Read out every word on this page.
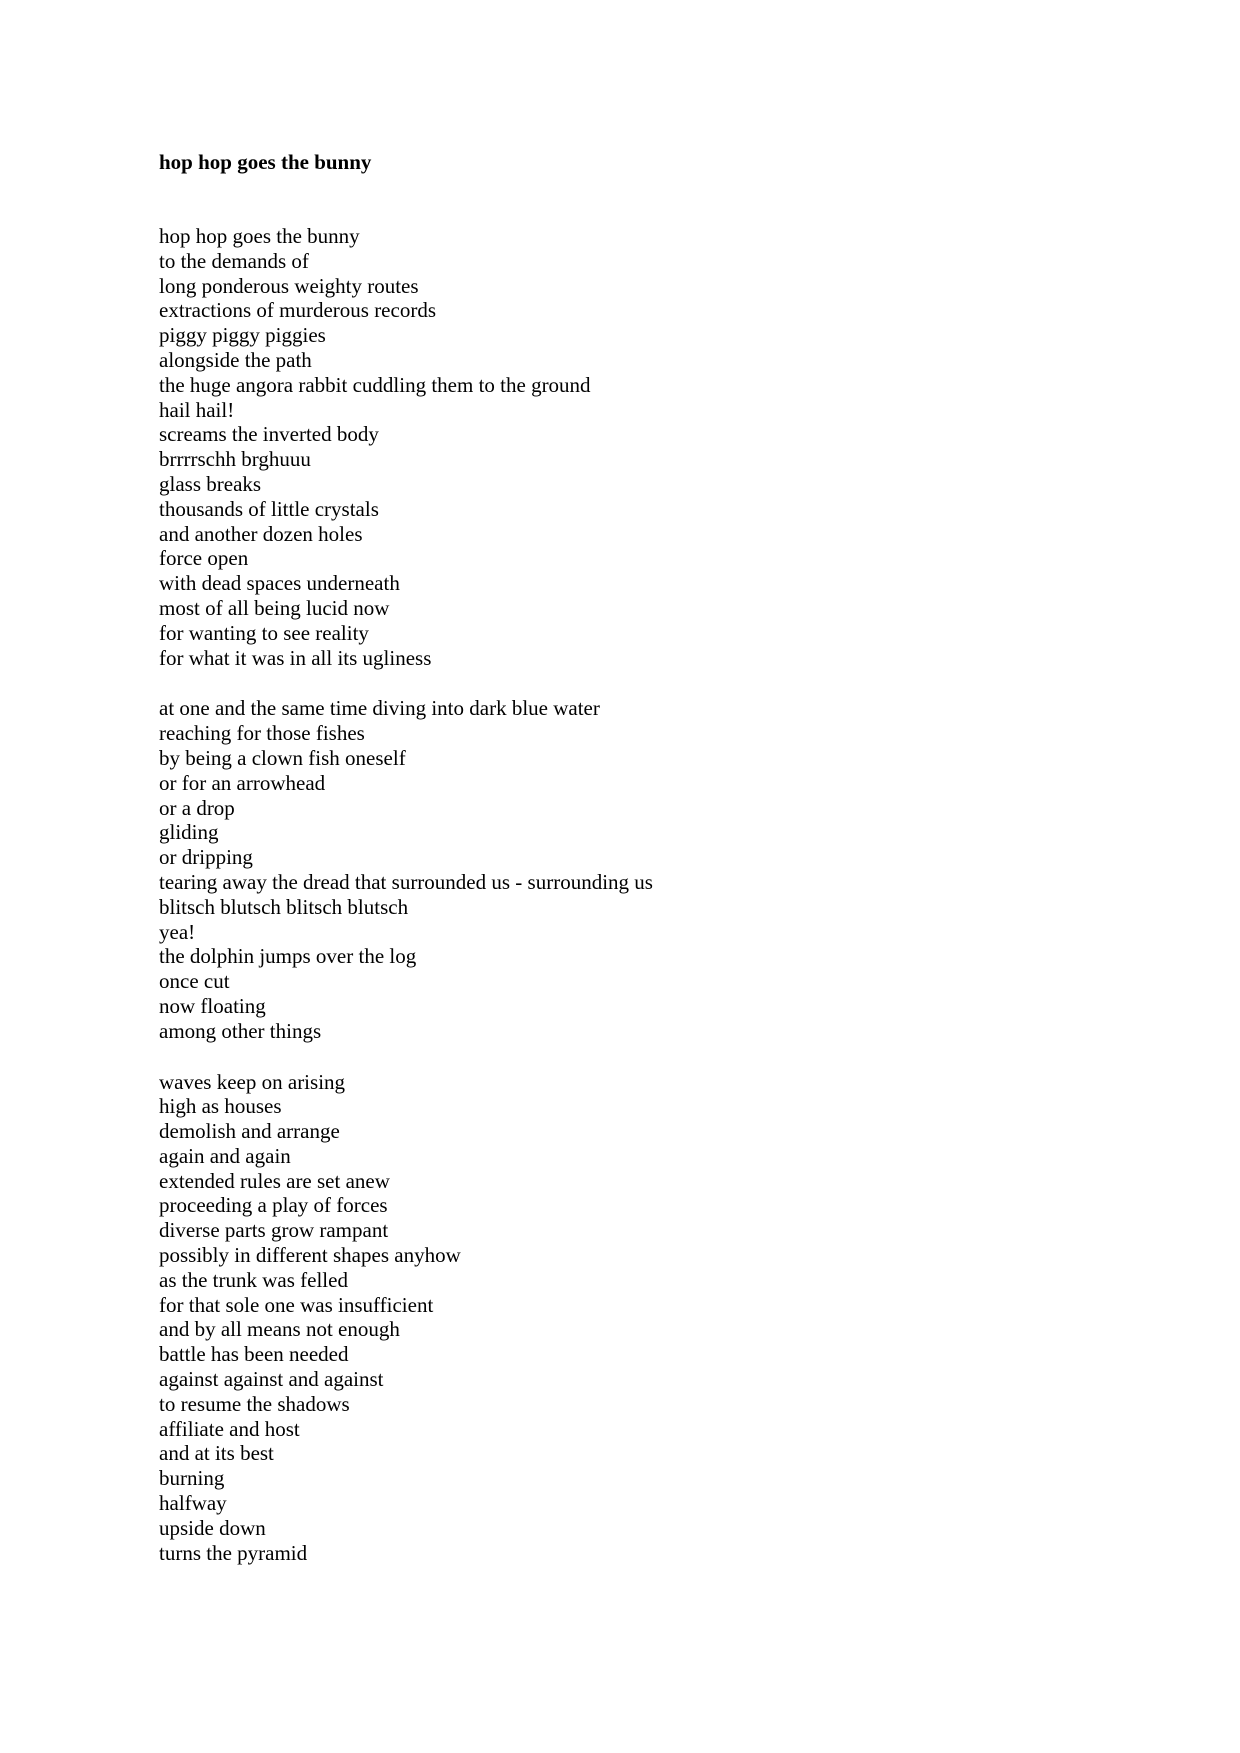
hop hop goes the bunny
hop hop goes the bunny
to the demands of
long ponderous weighty routes
extractions of murderous records
piggy piggy piggies
alongside the path
the huge angora rabbit cuddling them to the ground
hail hail!
screams the inverted body
brrrrschh brghuuu
glass breaks
thousands of little crystals
and another dozen holes
force open
with dead spaces underneath
most of all being lucid now
for wanting to see reality
for what it was in all its ugliness
at one and the same time diving into dark blue water
reaching for those fishes
by being a clown fish oneself
or for an arrowhead
or a drop
gliding
or dripping
tearing away the dread that surrounded us - surrounding us
blitsch blutsch blitsch blutsch
yea!
the dolphin jumps over the log
once cut
now floating
among other things
waves keep on arising
high as houses
demolish and arrange
again and again
extended rules are set anew
proceeding a play of forces
diverse parts grow rampant
possibly in different shapes anyhow
as the trunk was felled
for that sole one was insufficient
and by all means not enough
battle has been needed
against against and against
to resume the shadows
affiliate and host
and at its best
burning
halfway
upside down
turns the pyramid
